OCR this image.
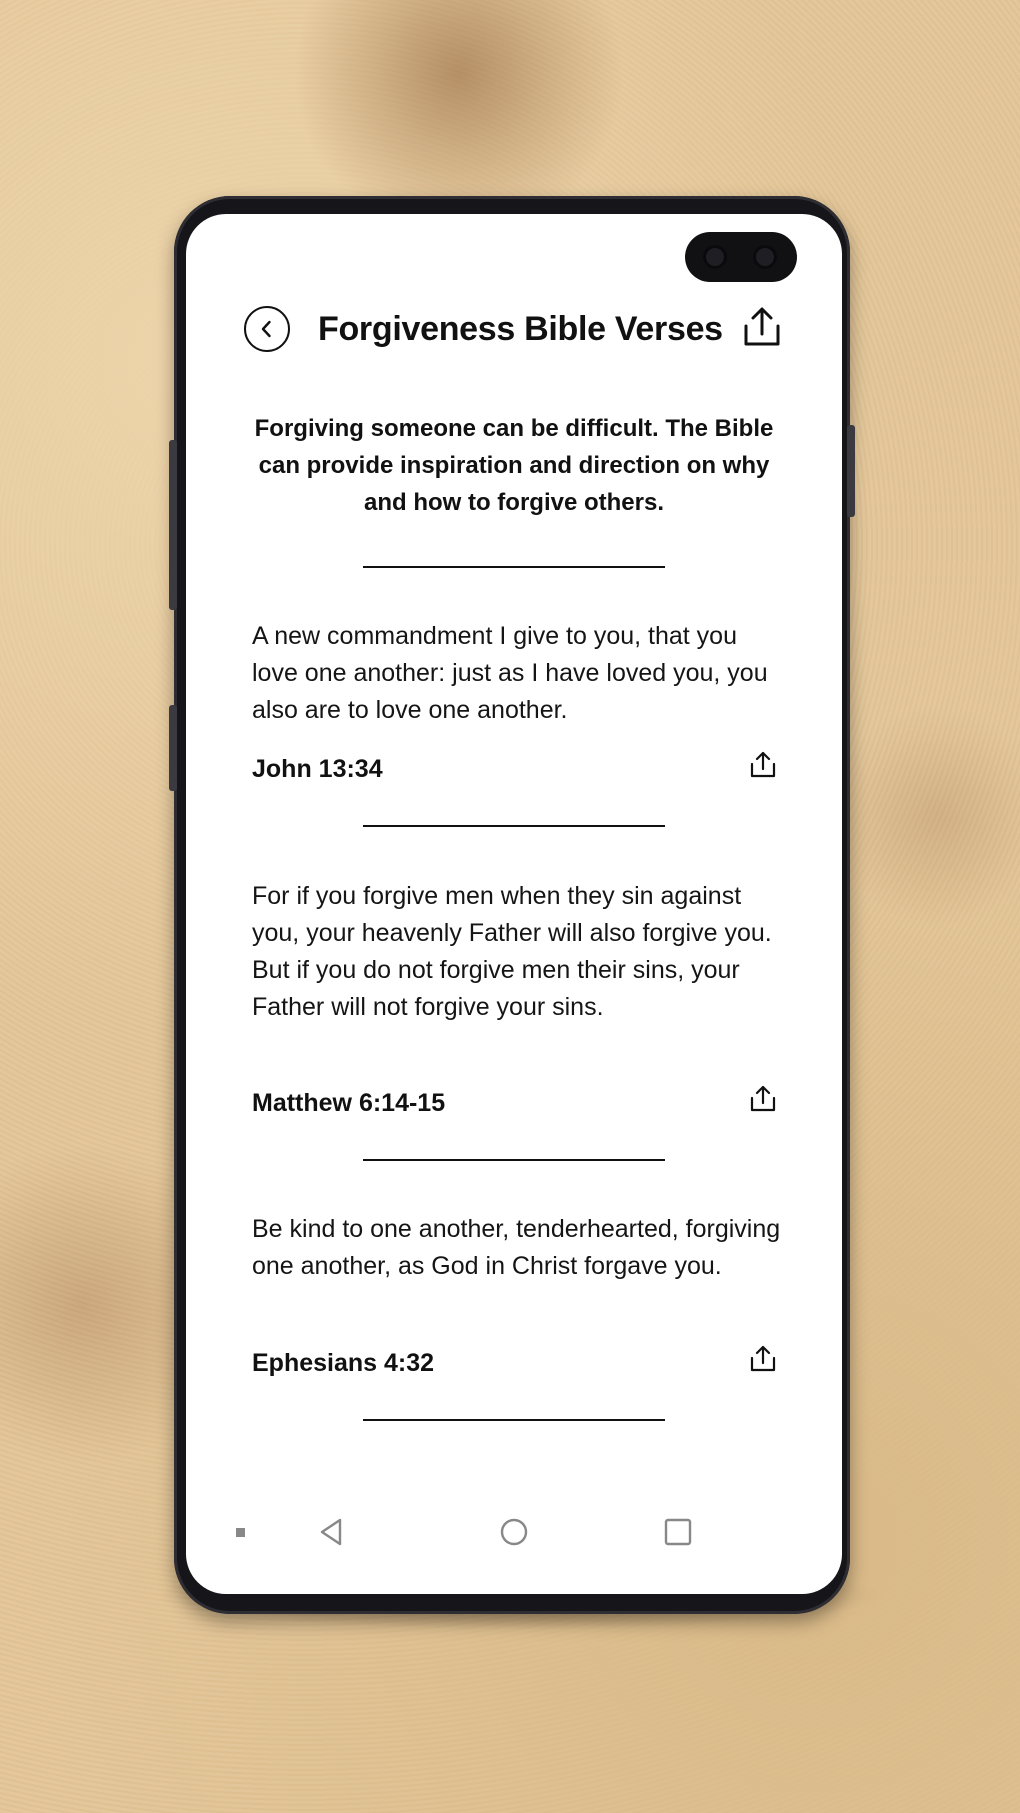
Forgiveness Bible Verses
Forgiving someone can be difficult. The Bible can provide inspiration and direction on why and how to forgive others.
A new commandment I give to you, that you love one another: just as I have loved you, you also are to love one another.
John 13:34
For if you forgive men when they sin against you, your heavenly Father will also forgive you. But if you do not forgive men their sins, your Father will not forgive your sins.
Matthew 6:14-15
Be kind to one another, tenderhearted, forgiving one another, as God in Christ forgave you.
Ephesians 4:32
